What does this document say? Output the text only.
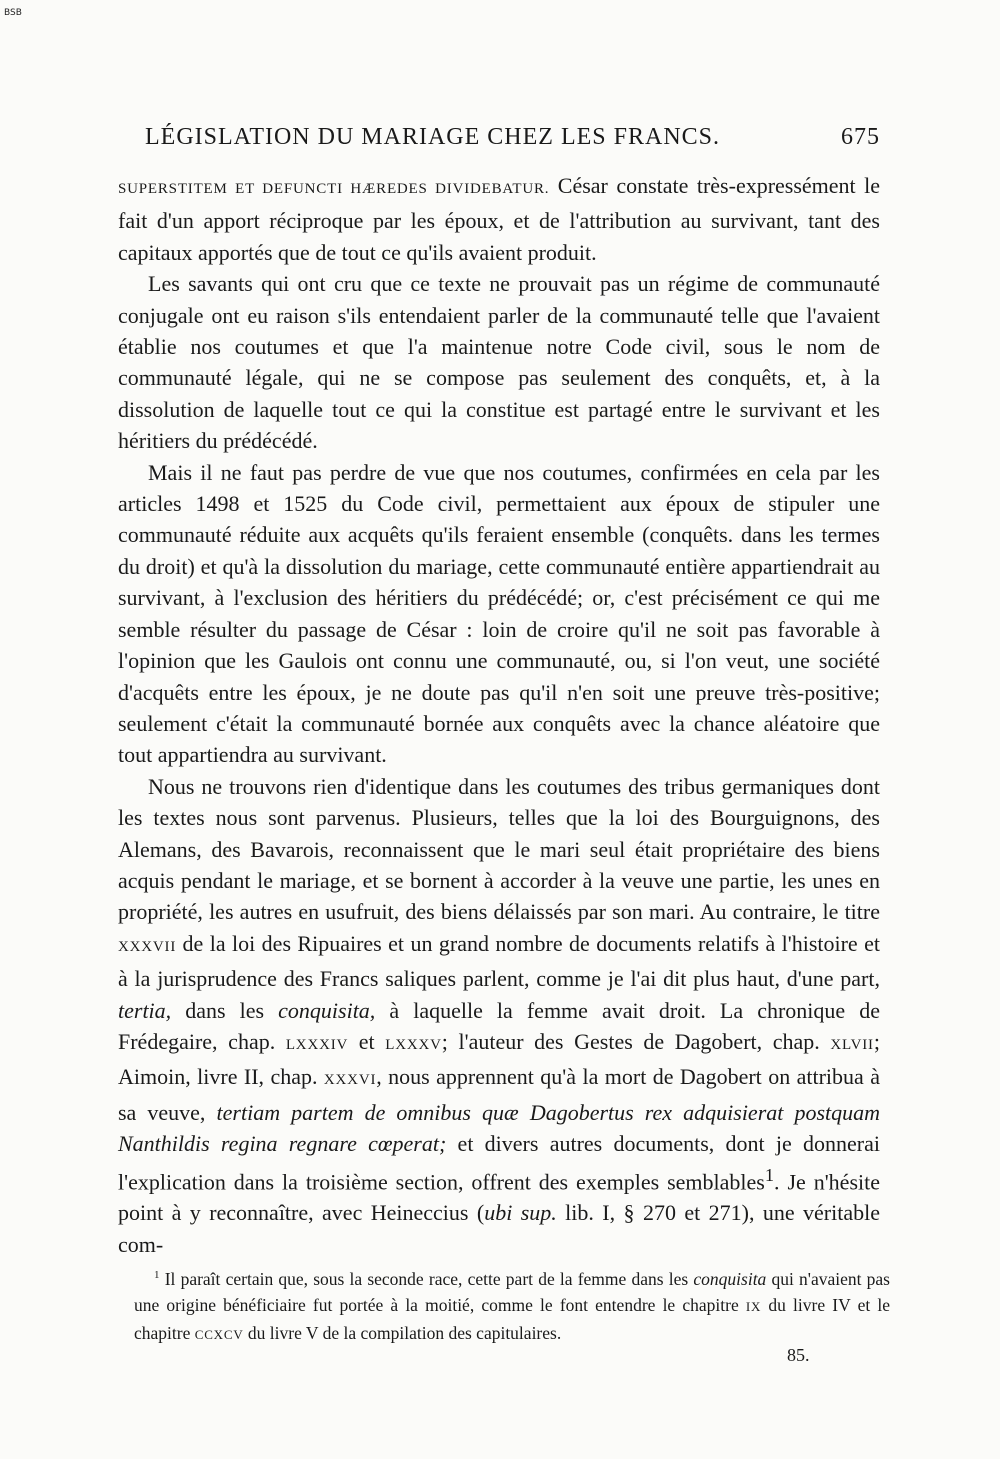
BSB
LÉGISLATION DU MARIAGE CHEZ LES FRANCS.	675

SUPERSTITEM ET DEFUNCTI HÆREDES DIVIDEBATUR. César constate très-expressément le fait d'un apport réciproque par les époux, et de l'attribution au survivant, tant des capitaux apportés que de tout ce qu'ils avaient produit.

Les savants qui ont cru que ce texte ne prouvait pas un régime de communauté conjugale ont eu raison s'ils entendaient parler de la communauté telle que l'avaient établie nos coutumes et que l'a maintenue notre Code civil, sous le nom de communauté légale, qui ne se compose pas seulement des conquêts, et, à la dissolution de laquelle tout ce qui la constitue est partagé entre le survivant et les héritiers du prédécédé.

Mais il ne faut pas perdre de vue que nos coutumes, confirmées en cela par les articles 1498 et 1525 du Code civil, permettaient aux époux de stipuler une communauté réduite aux acquêts qu'ils feraient ensemble (conquêts. dans les termes du droit) et qu'à la dissolution du mariage, cette communauté entière appartiendrait au survivant, à l'exclusion des héritiers du prédécédé; or, c'est précisément ce qui me semble résulter du passage de César : loin de croire qu'il ne soit pas favorable à l'opinion que les Gaulois ont connu une communauté, ou, si l'on veut, une société d'acquêts entre les époux, je ne doute pas qu'il n'en soit une preuve très-positive; seulement c'était la communauté bornée aux conquêts avec la chance aléatoire que tout appartiendra au survivant.

Nous ne trouvons rien d'identique dans les coutumes des tribus germaniques dont les textes nous sont parvenus. Plusieurs, telles que la loi des Bourguignons, des Alemans, des Bavarois, reconnaissent que le mari seul était propriétaire des biens acquis pendant le mariage, et se bornent à accorder à la veuve une partie, les unes en propriété, les autres en usufruit, des biens délaissés par son mari. Au contraire, le titre XXXVII de la loi des Ripuaires et un grand nombre de documents relatifs à l'histoire et à la jurisprudence des Francs saliques parlent, comme je l'ai dit plus haut, d'une part, tertia, dans les conquisita, à laquelle la femme avait droit. La chronique de Frédegaire, chap. LXXXIV et LXXXV; l'auteur des Gestes de Dagobert, chap. XLVII; Aimoin, livre II, chap. XXXVI, nous apprennent qu'à la mort de Dagobert on attribua à sa veuve, tertiam partem de omnibus quæ Dagobertus rex adquisierat postquam Nanthildis regina regnare cœperat; et divers autres documents, dont je donnerai l'explication dans la troisième section, offrent des exemples semblables$^1$. Je n'hésite point à y reconnaître, avec Heineccius (ubi sup. lib. I, § 270 et 271), une véritable com-

$^1$ Il paraît certain que, sous la seconde race, cette part de la femme dans les conquisita qui n'avaient pas une origine bénéficiaire fut portée à la moitié, comme le font entendre le chapitre IX du livre IV et le chapitre CCXCV du livre V de la compilation des capitulaires.

85.
